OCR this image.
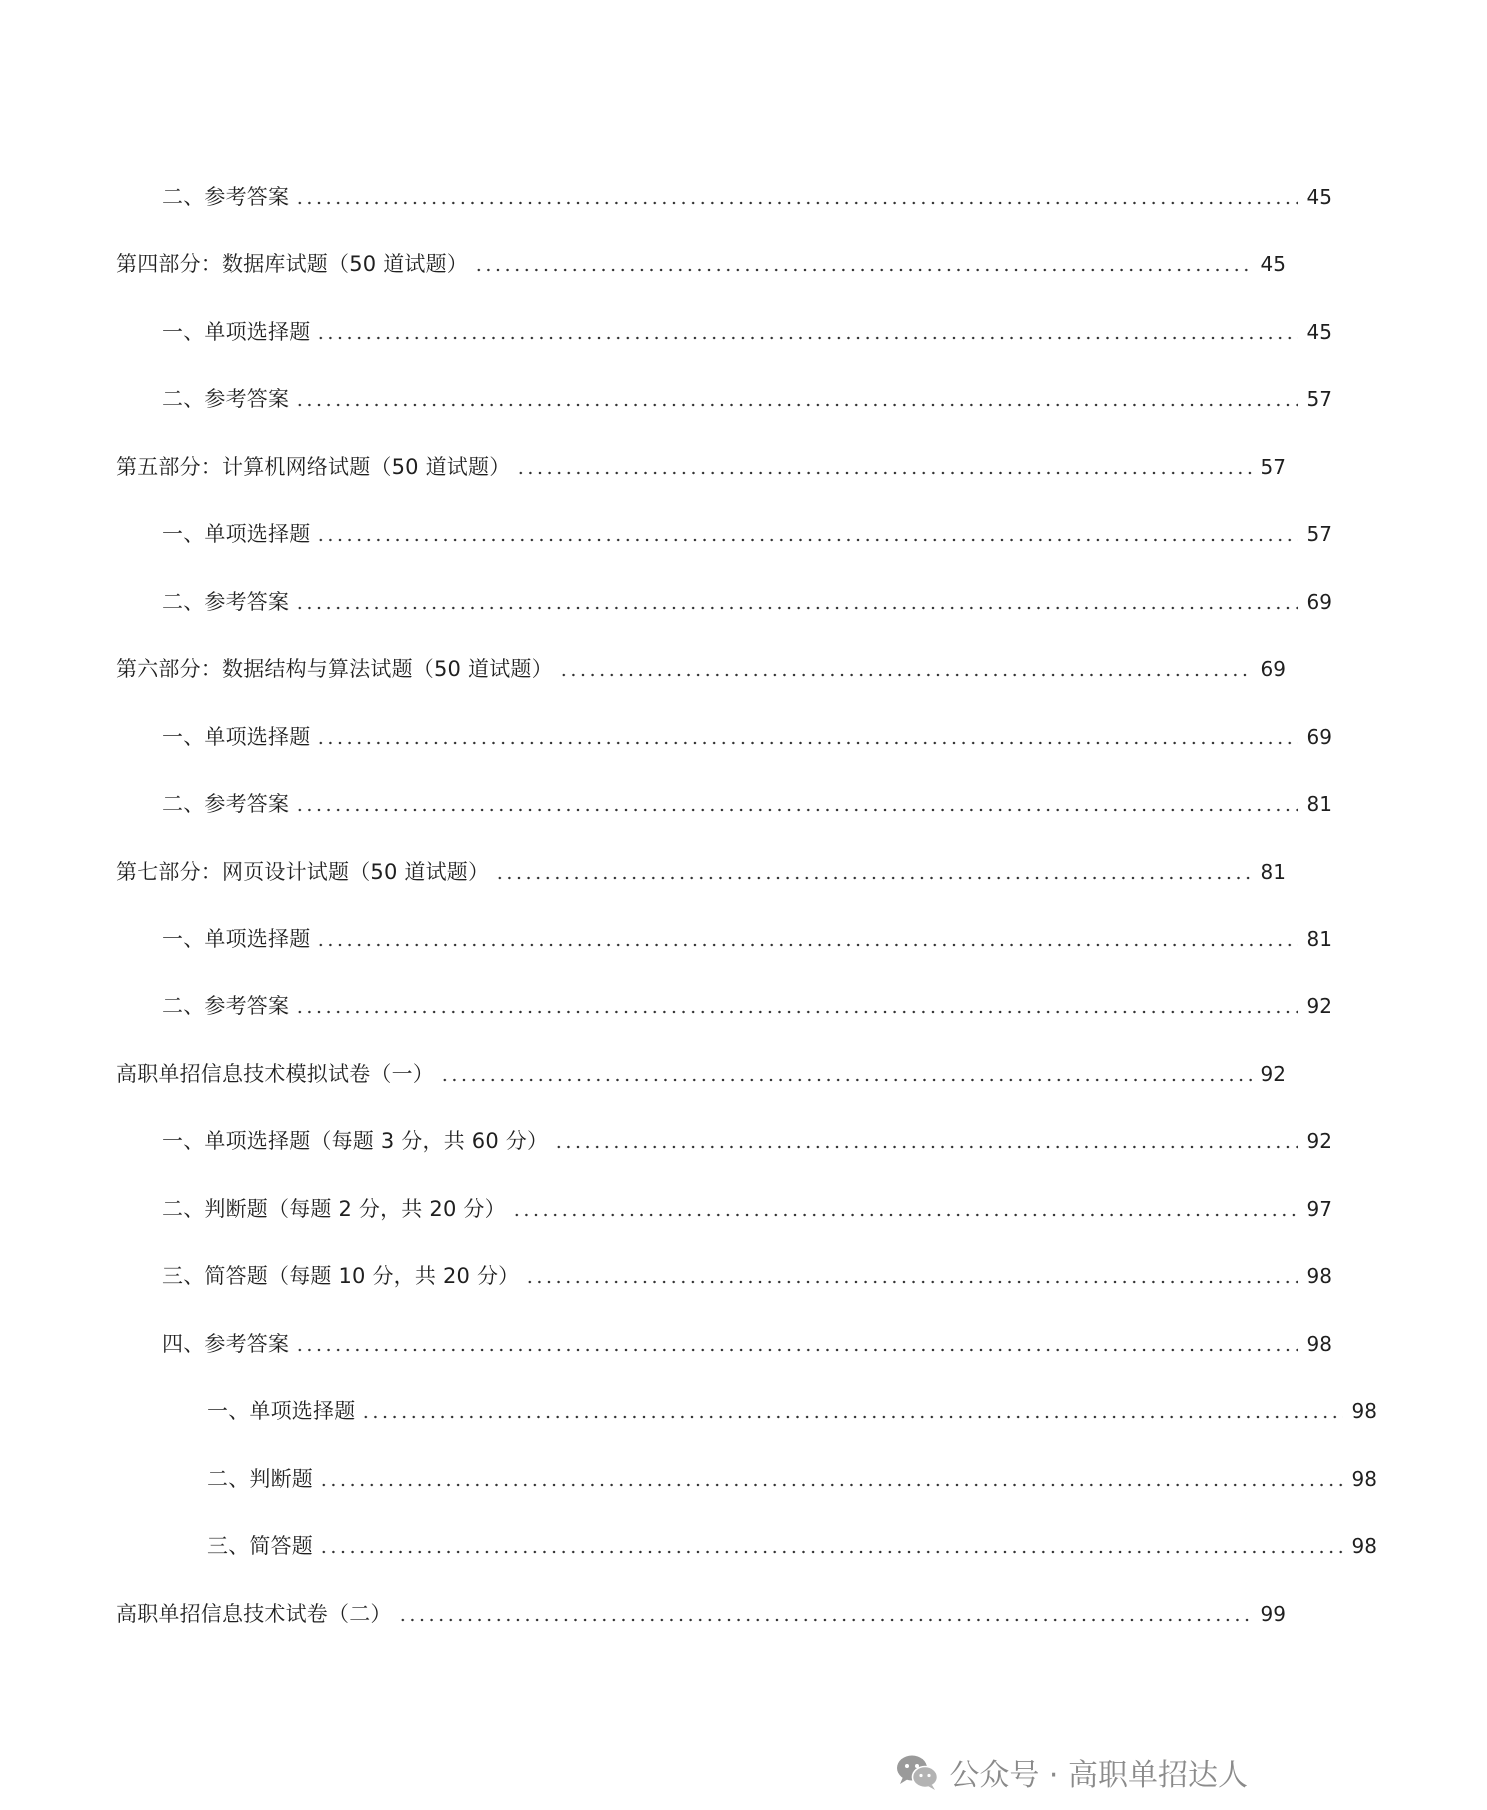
二、参考答案	45
第四部分：数据库试题（50 道试题）	45
一、单项选择题	45
二、参考答案	57
第五部分：计算机网络试题（50 道试题）	57
一、单项选择题	57
二、参考答案	69
第六部分：数据结构与算法试题（50 道试题）	69
一、单项选择题	69
二、参考答案	81
第七部分：网页设计试题（50 道试题）	81
一、单项选择题	81
二、参考答案	92
高职单招信息技术模拟试卷（一）	92
一、单项选择题（每题 3 分，共 60 分）	92
二、判断题（每题 2 分，共 20 分）	97
三、简答题（每题 10 分，共 20 分）	98
四、参考答案	98
一、单项选择题	98
二、判断题	98
三、简答题	98
高职单招信息技术试卷（二）	99
公众号 · 高职单招达人
